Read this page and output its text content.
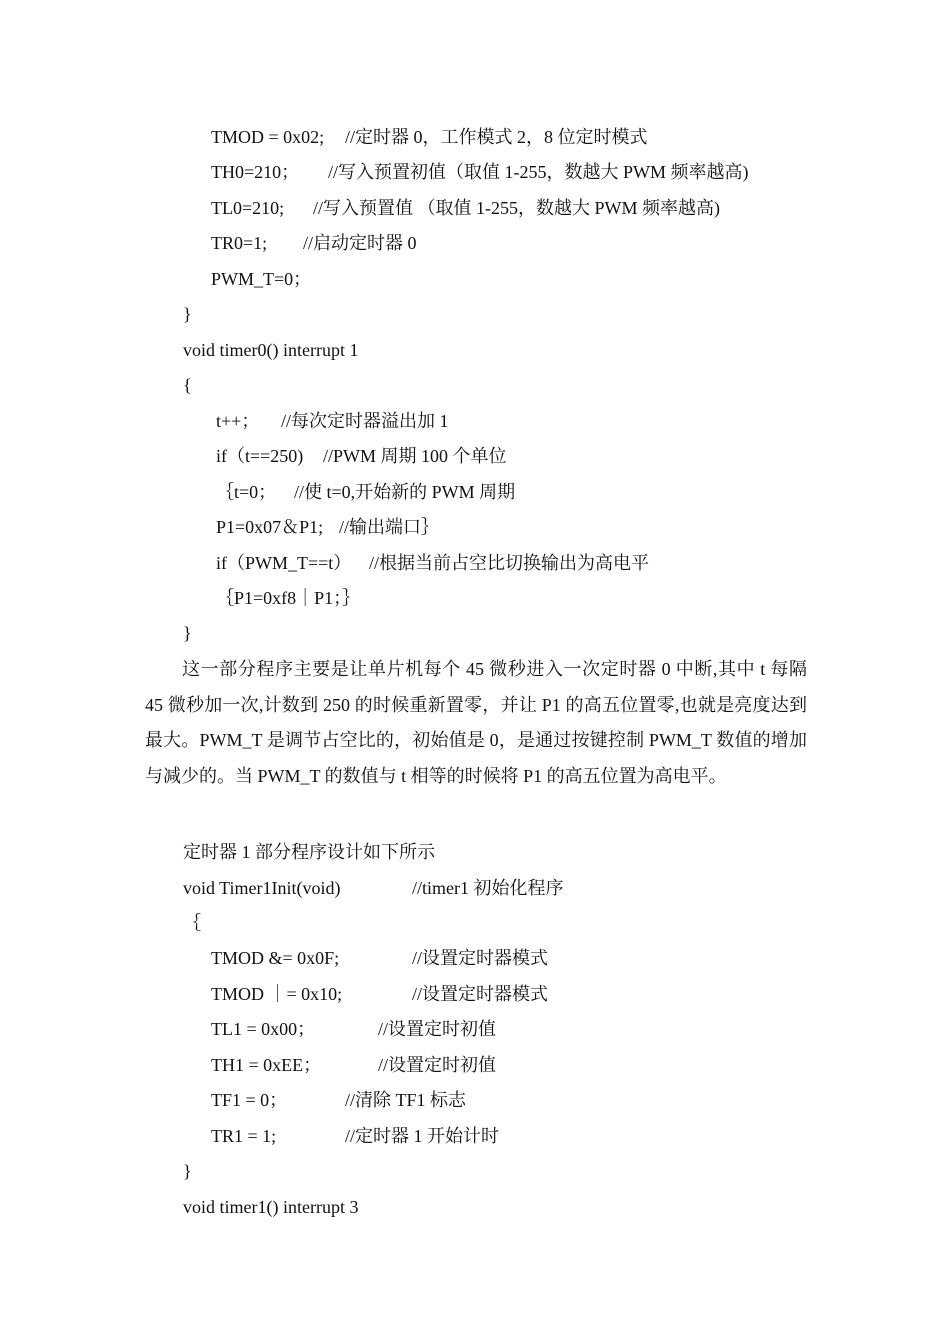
TMOD = 0x02; //定时器 0，工作模式 2，8 位定时模式
TH0=210； //写入预置初值（取值 1-255，数越大 PWM 频率越高)
TL0=210; //写入预置值 （取值 1-255，数越大 PWM 频率越高)
TR0=1; //启动定时器 0
PWM_T=0；
}
void timer0() interrupt 1
{
t++； //每次定时器溢出加 1
if（t==250) //PWM 周期 100 个单位
｛t=0； //使 t=0,开始新的 PWM 周期
P1=0x07＆P1; //输出端口｝
if（PWM_T==t） //根据当前占空比切换输出为高电平
｛P1=0xf8｜P1；｝
}
这一部分程序主要是让单片机每个 45 微秒进入一次定时器 0 中断,其中 t 每隔 45 微秒加一次,计数到 250 的时候重新置零，并让 P1 的高五位置零,也就是亮度达到最大。PWM_T 是调节占空比的，初始值是 0，是通过按键控制 PWM_T 数值的增加与减少的。当 PWM_T 的数值与 t 相等的时候将 P1 的高五位置为高电平。
定时器 1 部分程序设计如下所示
void Timer1Init(void)	//timer1 初始化程序
｛
TMOD &= 0x0F;	//设置定时器模式
TMOD ｜= 0x10;	//设置定时器模式
TL1 = 0x00；	//设置定时初值
TH1 = 0xEE；	//设置定时初值
TF1 = 0；	//清除 TF1 标志
TR1 = 1;	//定时器 1 开始计时
}
void timer1() interrupt 3
